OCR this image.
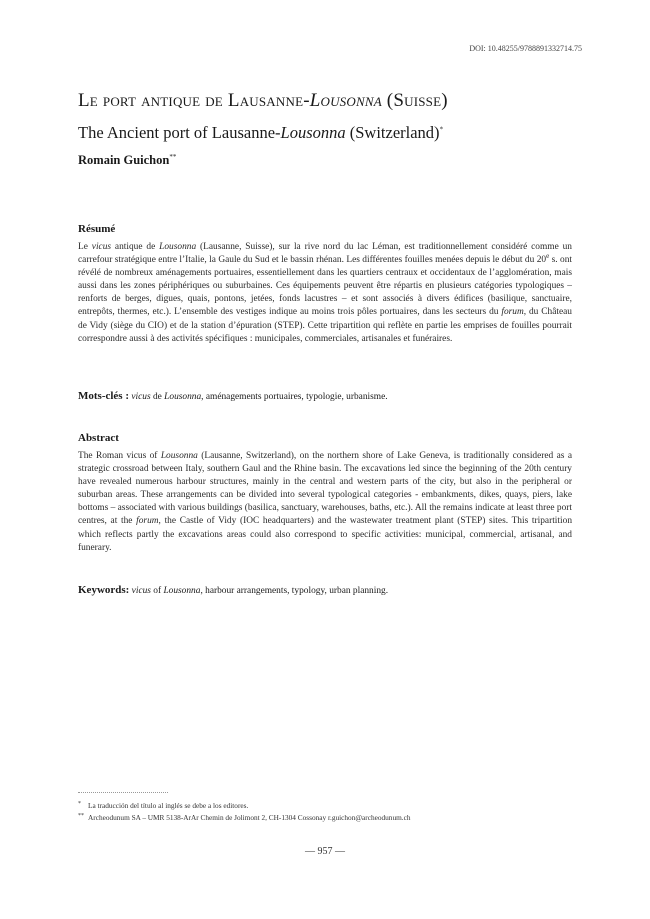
DOI: 10.48255/9788891332714.75
Le port antique de Lausanne-Lousonna (Suisse)
The Ancient port of Lausanne-Lousonna (Switzerland)*
Romain Guichon**
Résumé
Le vicus antique de Lousonna (Lausanne, Suisse), sur la rive nord du lac Léman, est traditionnellement considéré comme un carrefour stratégique entre l’Italie, la Gaule du Sud et le bassin rhénan. Les différentes fouilles menées depuis le début du 20e s. ont révélé de nombreux aménagements portuaires, essentiellement dans les quartiers centraux et occidentaux de l’agglomération, mais aussi dans les zones périphériques ou suburbaines. Ces équipements peuvent être répartis en plusieurs catégories typologiques – renforts de berges, digues, quais, pontons, jetées, fonds lacustres – et sont associés à divers édifices (basilique, sanctuaire, entrepôts, thermes, etc.). L’ensemble des vestiges indique au moins trois pôles portuaires, dans les secteurs du forum, du Château de Vidy (siège du CIO) et de la station d’épuration (STEP). Cette tripartition qui reflète en partie les emprises de fouilles pourrait correspondre aussi à des activités spécifiques : municipales, commerciales, artisanales et funéraires.
Mots-clés : vicus de Lousonna, aménagements portuaires, typologie, urbanisme.
Abstract
The Roman vicus of Lousonna (Lausanne, Switzerland), on the northern shore of Lake Geneva, is traditionally considered as a strategic crossroad between Italy, southern Gaul and the Rhine basin. The excavations led since the beginning of the 20th century have revealed numerous harbour structures, mainly in the central and western parts of the city, but also in the peripheral or suburban areas. These arrangements can be divided into several typological categories - embankments, dikes, quays, piers, lake bottoms – associated with various buildings (basilica, sanctuary, warehouses, baths, etc.). All the remains indicate at least three port centres, at the forum, the Castle of Vidy (IOC headquarters) and the wastewater treatment plant (STEP) sites. This tripartition which reflects partly the excavations areas could also correspond to specific activities: municipal, commercial, artisanal, and funerary.
Keywords: vicus of Lousonna, harbour arrangements, typology, urban planning.
* La traducción del título al inglés se debe a los editores.
** Archeodunum SA – UMR 5138-ArAr Chemin de Jolimont 2, CH-1304 Cossonay r.guichon@archeodunum.ch
— 957 —
